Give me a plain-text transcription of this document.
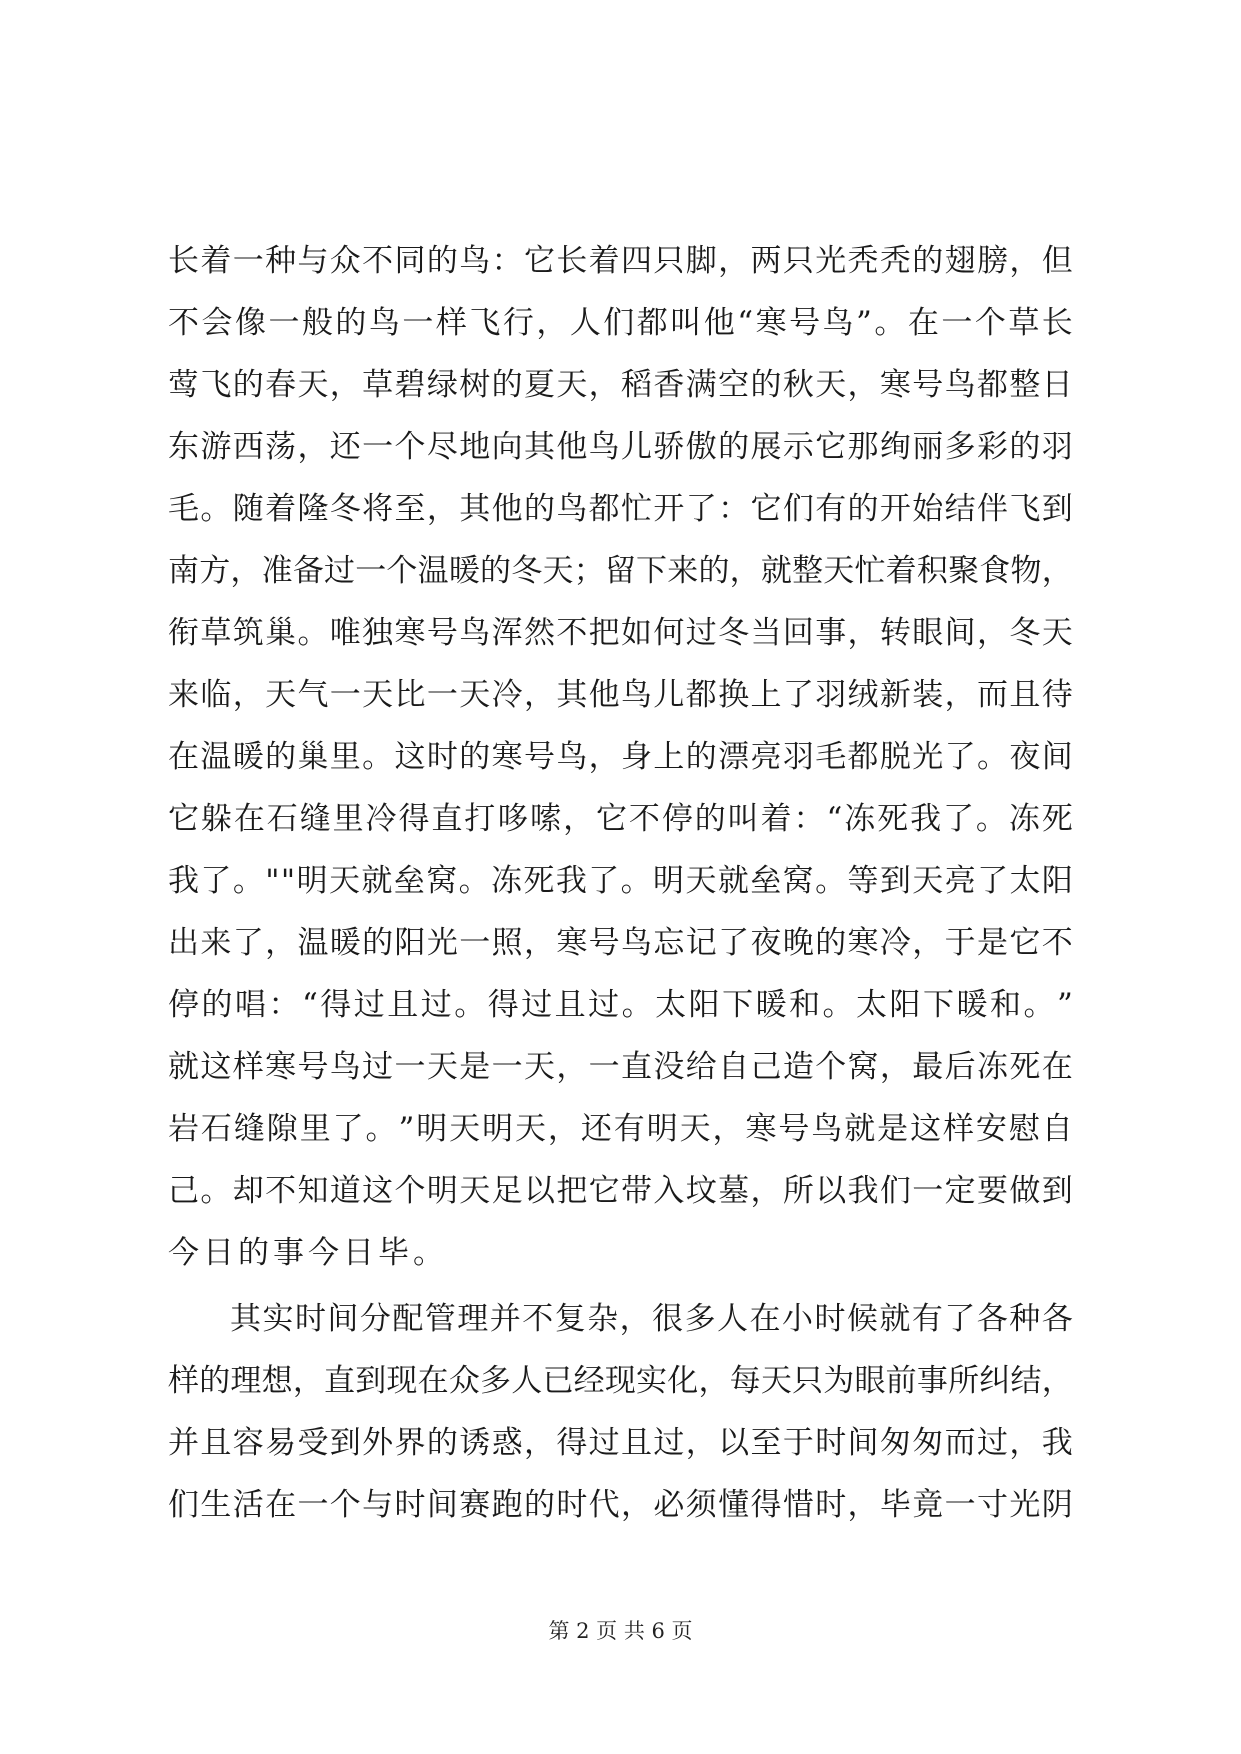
长 着 一 种 与 众 不 同 的 鸟 ： 它 长 着 四 只 脚 ， 两 只 光 秃 秃 的 翅 膀 ， 但
不 会 像 一 般 的 鸟 一 样 飞 行 ， 人 们 都 叫 他 “ 寒 号 鸟 ” 。 在 一 个 草 长
莺 飞 的 春 天 ， 草 碧 绿 树 的 夏 天 ， 稻 香 满 空 的 秋 天 ， 寒 号 鸟 都 整 日
东 游 西 荡 ， 还 一 个 尽 地 向 其 他 鸟 儿 骄 傲 的 展 示 它 那 绚 丽 多 彩 的 羽
毛 。 随 着 隆 冬 将 至 ， 其 他 的 鸟 都 忙 开 了 ： 它 们 有 的 开 始 结 伴 飞 到
南 方 ， 准 备 过 一 个 温 暖 的 冬 天 ； 留 下 来 的 ， 就 整 天 忙 着 积 聚 食 物 ，
衔 草 筑 巢 。 唯 独 寒 号 鸟 浑 然 不 把 如 何 过 冬 当 回 事 ， 转 眼 间 ， 冬 天
来 临 ， 天 气 一 天 比 一 天 冷 ， 其 他 鸟 儿 都 换 上 了 羽 绒 新 装 ， 而 且 待
在 温 暖 的 巢 里 。 这 时 的 寒 号 鸟 ， 身 上 的 漂 亮 羽 毛 都 脱 光 了 。 夜 间
它 躲 在 石 缝 里 冷 得 直 打 哆 嗦 ， 它 不 停 的 叫 着 ： “ 冻 死 我 了 。 冻 死
我 了 。 " " 明 天 就 垒 窝 。 冻 死 我 了 。 明 天 就 垒 窝 。 等 到 天 亮 了 太 阳
出 来 了 ， 温 暖 的 阳 光 一 照 ， 寒 号 鸟 忘 记 了 夜 晚 的 寒 冷 ， 于 是 它 不
停 的 唱 ： “ 得 过 且 过 。 得 过 且 过 。 太 阳 下 暖 和 。 太 阳 下 暖 和 。 ”
就 这 样 寒 号 鸟 过 一 天 是 一 天 ， 一 直 没 给 自 己 造 个 窝 ， 最 后 冻 死 在
岩 石 缝 隙 里 了 。 ” 明 天 明 天 ， 还 有 明 天 ， 寒 号 鸟 就 是 这 样 安 慰 自
己 。 却 不 知 道 这 个 明 天 足 以 把 它 带 入 坟 墓 ， 所 以 我 们 一 定 要 做 到
今日的事今日毕。
其 实 时 间 分 配 管 理 并 不 复 杂 ， 很 多 人 在 小 时 候 就 有 了 各 种 各
样 的 理 想 ， 直 到 现 在 众 多 人 已 经 现 实 化 ， 每 天 只 为 眼 前 事 所 纠 结 ，
并 且 容 易 受 到 外 界 的 诱 惑 ， 得 过 且 过 ， 以 至 于 时 间 匆 匆 而 过 ， 我
们 生 活 在 一 个 与 时 间 赛 跑 的 时 代 ， 必 须 懂 得 惜 时 ， 毕 竟 一 寸 光 阴
第 2 页 共 6 页
